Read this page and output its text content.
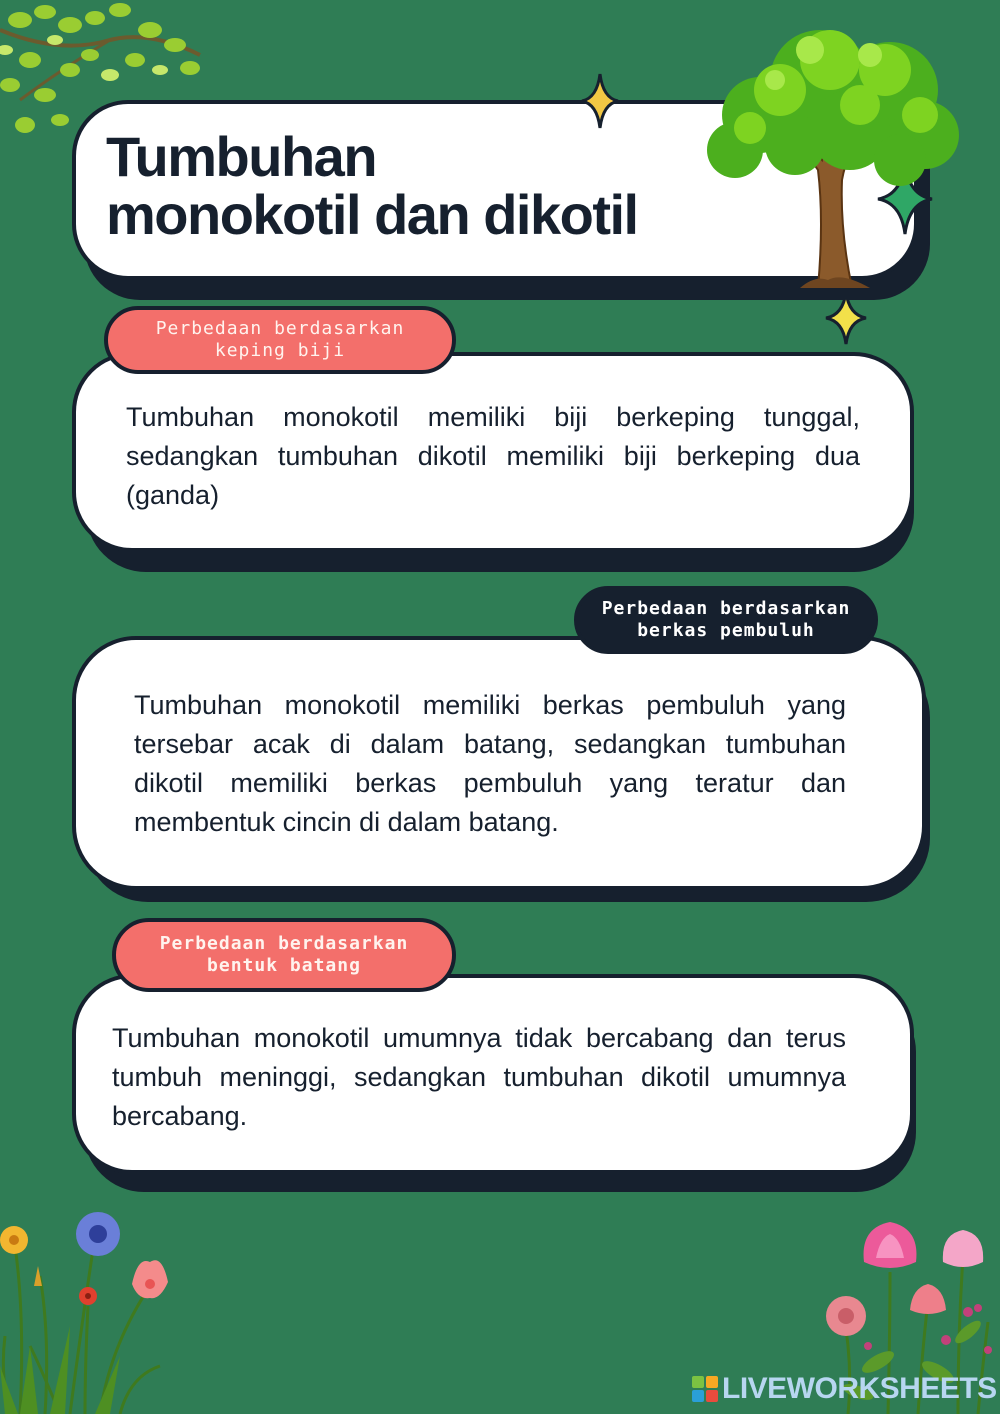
Tumbuhan
monokotil dan dikotil

Tumbuhan monokotil memiliki biji berkeping tunggal, sedangkan tumbuhan dikotil memiliki biji berkeping dua (ganda)

Perbedaan berdasarkan
keping biji

Tumbuhan monokotil memiliki berkas pembuluh yang tersebar acak di dalam batang, sedangkan tumbuhan dikotil memiliki berkas pembuluh yang teratur dan membentuk cincin di dalam batang.

Perbedaan berdasarkan
berkas pembuluh

Tumbuhan monokotil umumnya tidak bercabang dan terus tumbuh meninggi, sedangkan tumbuhan dikotil umumnya bercabang.

Perbedaan berdasarkan
bentuk batang
LIVEWORKSHEETS
